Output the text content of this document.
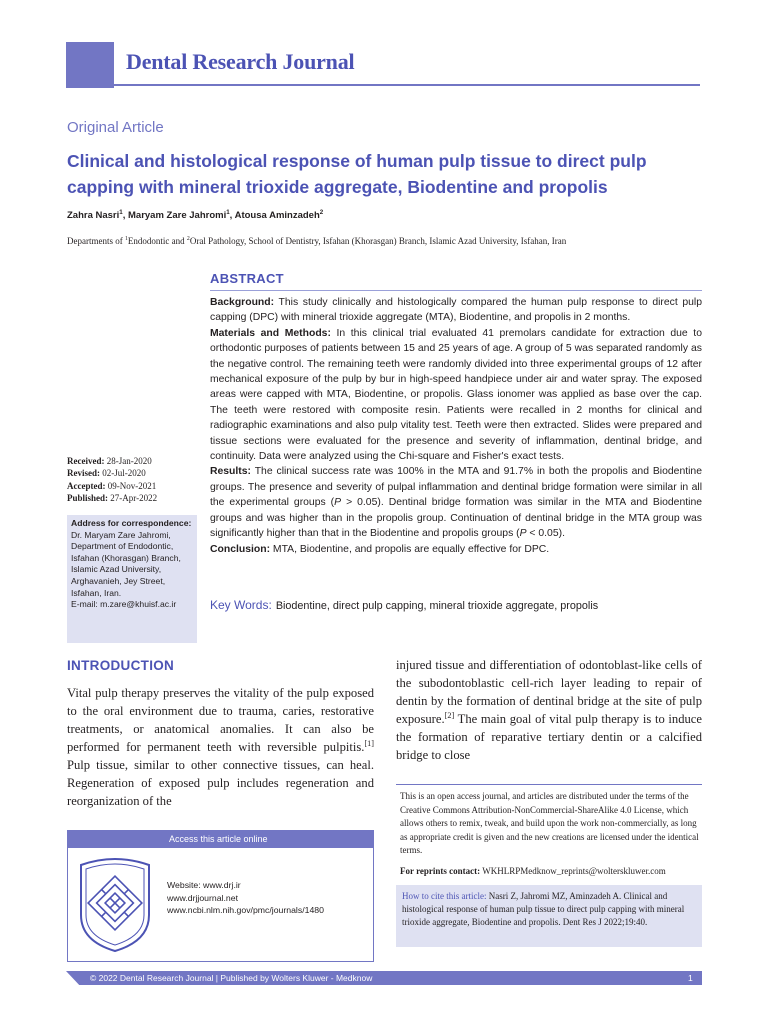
Dental Research Journal
Original Article
Clinical and histological response of human pulp tissue to direct pulp capping with mineral trioxide aggregate, Biodentine and propolis
Zahra Nasri$^1$, Maryam Zare Jahromi$^1$, Atousa Aminzadeh$^2$
Departments of $^1$Endodontic and $^2$Oral Pathology, School of Dentistry, Isfahan (Khorasgan) Branch, Islamic Azad University, Isfahan, Iran
ABSTRACT

Background: This study clinically and histologically compared the human pulp response to direct pulp capping (DPC) with mineral trioxide aggregate (MTA), Biodentine, and propolis in 2 months.

Materials and Methods: In this clinical trial evaluated 41 premolars candidate for extraction due to orthodontic purposes of patients between 15 and 25 years of age. A group of 5 was separated randomly as the negative control. The remaining teeth were randomly divided into three experimental groups of 12 after mechanical exposure of the pulp by bur in high-speed handpiece under air and water spray. The exposed areas were capped with MTA, Biodentine, or propolis. Glass ionomer was applied as base over the cap. The teeth were restored with composite resin. Patients were recalled in 2 months for clinical and radiographic examinations and also pulp vitality test. Teeth were then extracted. Slides were prepared and tissue sections were evaluated for the presence and severity of inflammation, dentinal bridge, and continuity. Data were analyzed using the Chi-square and Fisher's exact tests.

Results: The clinical success rate was 100% in the MTA and 91.7% in both the propolis and Biodentine groups. The presence and severity of pulpal inflammation and dentinal bridge formation were similar in all the experimental groups (P > 0.05). Dentinal bridge formation was similar in the MTA and Biodentine groups and was higher than in the propolis group. Continuation of dentinal bridge in the MTA group was significantly higher than that in the Biodentine and propolis groups (P < 0.05).

Conclusion: MTA, Biodentine, and propolis are equally effective for DPC.

Key Words: Biodentine, direct pulp capping, mineral trioxide aggregate, propolis
Received: 28-Jan-2020
Revised: 02-Jul-2020
Accepted: 09-Nov-2021
Published: 27-Apr-2022
Address for correspondence:
Dr. Maryam Zare Jahromi,
Department of Endodontic,
Isfahan (Khorasgan) Branch,
Islamic Azad University,
Arghavanieh, Jey Street,
Isfahan, Iran.
E-mail: m.zare@khuisf.ac.ir
INTRODUCTION
Vital pulp therapy preserves the vitality of the pulp exposed to the oral environment due to trauma, caries, restorative treatments, or anatomical anomalies. It can also be performed for permanent teeth with reversible pulpitis.[1] Pulp tissue, similar to other connective tissues, can heal. Regeneration of exposed pulp includes regeneration and reorganization of the
injured tissue and differentiation of odontoblast-like cells of the subodontoblastic cell-rich layer leading to repair of dentin by the formation of dentinal bridge at the site of pulp exposure.[2] The main goal of vital pulp therapy is to induce the formation of reparative tertiary dentin or a calcified bridge to close
Access this article online
Website: www.drj.ir
www.drjjournal.net
www.ncbi.nlm.nih.gov/pmc/journals/1480
This is an open access journal, and articles are distributed under the terms of the Creative Commons Attribution-NonCommercial-ShareAlike 4.0 License, which allows others to remix, tweak, and build upon the work non-commercially, as long as appropriate credit is given and the new creations are licensed under the identical terms.
For reprints contact: WKHLRPMedknow_reprints@wolterskluwer.com
How to cite this article: Nasri Z, Jahromi MZ, Aminzadeh A. Clinical and histological response of human pulp tissue to direct pulp capping with mineral trioxide aggregate, Biodentine and propolis. Dent Res J 2022;19:40.
© 2022 Dental Research Journal | Published by Wolters Kluwer - Medknow	1
